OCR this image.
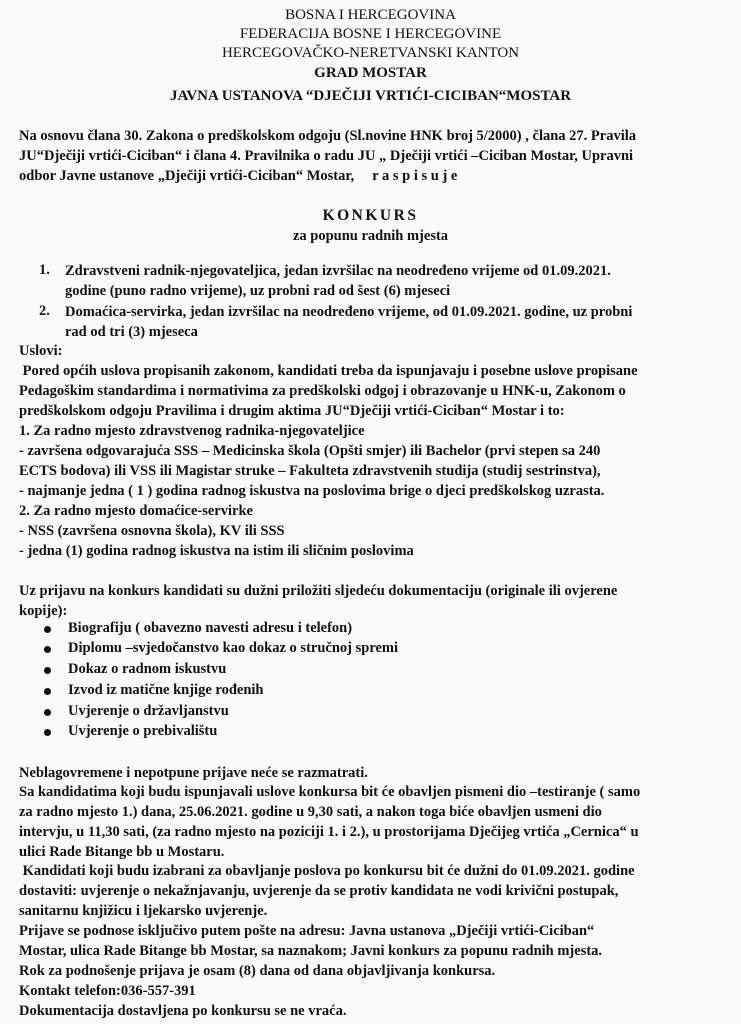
BOSNA I HERCEGOVINA
FEDERACIJA BOSNE I HERCEGOVINE
HERCEGOVAČKO-NERETVANSKI KANTON
GRAD MOSTAR
JAVNA USTANOVA “DJEČIJI VRTIĆI-CICIBAN“MOSTAR
Na osnovu člana 30. Zakona o predškolskom odgoju (Sl.novine HNK broj 5/2000) , člana 27. Pravila
JU“Dječiji vrtići-Ciciban“ i člana 4. Pravilnika o radu JU „ Dječiji vrtići –Ciciban Mostar, Upravni
odbor Javne ustanove „Dječiji vrtići-Ciciban“ Mostar,     r a s p i s u j e
KONKURS
za popunu radnih mjesta
1. Zdravstveni radnik-njegovateljica, jedan izvršilac na neodređeno vrijeme od 01.09.2021.
godine (puno radno vrijeme), uz probni rad od šest (6) mjeseci
2. Domaćica-servirka, jedan izvršilac na neodređeno vrijeme, od 01.09.2021. godine, uz probni
rad od tri (3) mjeseca
Uslovi:
Pored općih uslova propisanih zakonom, kandidati treba da ispunjavaju i posebne uslove propisane
Pedagoškim standardima i normativima za predškolski odgoj i obrazovanje u HNK-u, Zakonom o
predškolskom odgoju Pravilima i drugim aktima JU“Dječiji vrtići-Ciciban“ Mostar i to:
1. Za radno mjesto zdravstvenog radnika-njegovateljice
- završena odgovarajuća SSS – Medicinska škola (Opšti smjer) ili Bachelor (prvi stepen sa 240
ECTS bodova) ili VSS ili Magistar struke – Fakulteta zdravstvenih studija (studij sestrinstva),
- najmanje jedna ( 1 ) godina radnog iskustva na poslovima brige o djeci predškolskog uzrasta.
2. Za radno mjesto domaćice-servirke
- NSS (završena osnovna škola), KV ili SSS
- jedna (1) godina radnog iskustva na istim ili sličnim poslovima
Uz prijavu na konkurs kandidati su dužni priložiti sljedeću dokumentaciju (originale ili ovjerene
kopije):
Biografiju ( obavezno navesti adresu i telefon)
Diplomu –svjedočanstvo kao dokaz o stručnoj spremi
Dokaz o radnom iskustvu
Izvod iz matične knjige rođenih
Uvjerenje o državljanstvu
Uvjerenje o prebivalištu
Neblagovremene i nepotpune prijave neće se razmatrati.
Sa kandidatima koji budu ispunjavali uslove konkursa bit će obavljen pismeni dio –testiranje ( samo
za radno mjesto 1.) dana, 25.06.2021. godine u 9,30 sati, a nakon toga biće obavljen usmeni dio
intervju, u 11,30 sati, (za radno mjesto na poziciji 1. i 2.), u prostorijama Dječijeg vrtića „Cernica“ u
ulici Rade Bitange bb u Mostaru.
Kandidati koji budu izabrani za obavljanje poslova po konkursu bit će dužni do 01.09.2021. godine
dostaviti: uvjerenje o nekažnjavanju, uvjerenje da se protiv kandidata ne vodi krivični postupak,
sanitarnu knjižicu i ljekarsko uvjerenje.
Prijave se podnose isključivo putem pošte na adresu: Javna ustanova „Dječiji vrtići-Ciciban“
Mostar, ulica Rade Bitange bb Mostar, sa naznakom; Javni konkurs za popunu radnih mjesta.
Rok za podnošenje prijava je osam (8) dana od dana objavljivanja konkursa.
Kontakt telefon:036-557-391
Dokumentacija dostavljena po konkursu se ne vraća.
